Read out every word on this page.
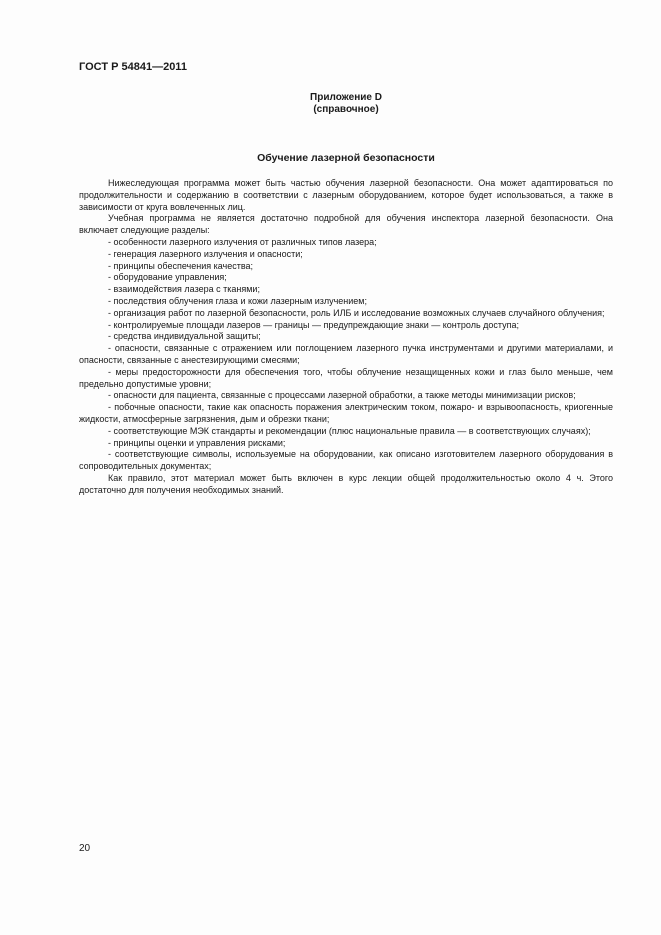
ГОСТ Р 54841—2011
Приложение D
(справочное)
Обучение лазерной безопасности

Нижеследующая программа может быть частью обучения лазерной безопасности. Она может адаптироваться по продолжительности и содержанию в соответствии с лазерным оборудованием, которое будет использоваться, а также в зависимости от круга вовлеченных лиц.

Учебная программа не является достаточно подробной для обучения инспектора лазерной безопасности. Она включает следующие разделы:

- особенности лазерного излучения от различных типов лазера;
- генерация лазерного излучения и опасности;
- принципы обеспечения качества;
- оборудование управления;
- взаимодействия лазера с тканями;
- последствия облучения глаза и кожи лазерным излучением;
- организация работ по лазерной безопасности, роль ИЛБ и исследование возможных случаев случайного облучения;
- контролируемые площади лазеров — границы — предупреждающие знаки — контроль доступа;
- средства индивидуальной защиты;
- опасности, связанные с отражением или поглощением лазерного пучка инструментами и другими материалами, и опасности, связанные с анестезирующими смесями;
- меры предосторожности для обеспечения того, чтобы облучение незащищенных кожи и глаз было меньше, чем предельно допустимые уровни;
- опасности для пациента, связанные с процессами лазерной обработки, а также методы минимизации рисков;
- побочные опасности, такие как опасность поражения электрическим током, пожаро- и взрывоопасность, криогенные жидкости, атмосферные загрязнения, дым и обрезки ткани;
- соответствующие МЭК стандарты и рекомендации (плюс национальные правила — в соответствующих случаях);
- принципы оценки и управления рисками;
- соответствующие символы, используемые на оборудовании, как описано изготовителем лазерного оборудования в сопроводительных документах;

Как правило, этот материал может быть включен в курс лекции общей продолжительностью около 4 ч. Этого достаточно для получения необходимых знаний.

20
